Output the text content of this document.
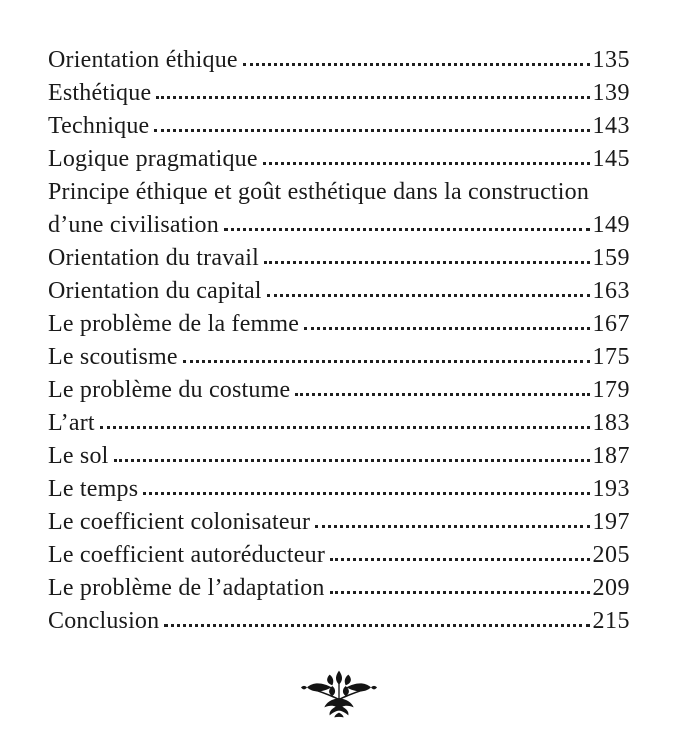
Orientation éthique	135
Esthétique	139
Technique	143
Logique pragmatique	145
Principe éthique et goût esthétique dans la construction
d’une civilisation	149
Orientation du travail	159
Orientation du capital	163
Le problème de la femme	167
Le scoutisme	175
Le problème du costume	179
L’art	183
Le sol	187
Le temps	193
Le coefficient colonisateur	197
Le coefficient autoréducteur	205
Le problème de l’adaptation	209
Conclusion	215
